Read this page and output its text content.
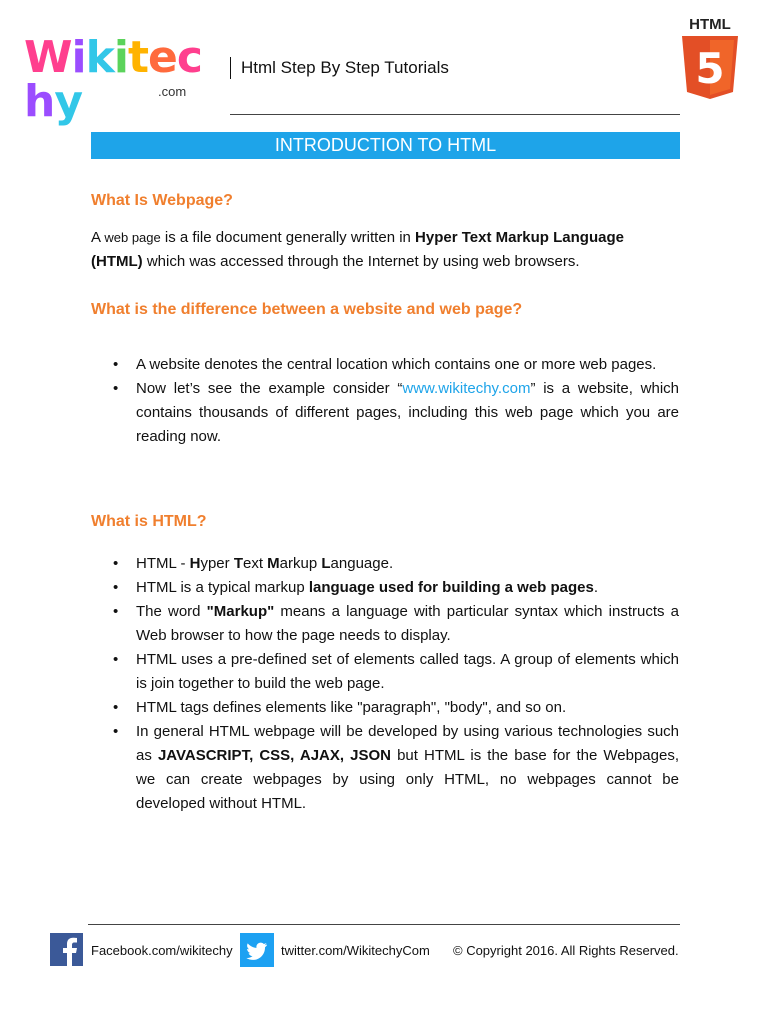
Wikitechy	.com
Html Step By Step Tutorials
HTML
5
INTRODUCTION TO HTML
What Is Webpage?
A web page is a file document generally written in Hyper Text Markup Language (HTML) which was accessed through the Internet by using web browsers.
What is the difference between a website and web page?
• A website denotes the central location which contains one or more web pages.
• Now let’s see the example consider “www.wikitechy.com” is a website, which contains thousands of different pages, including this web page which you are reading now.
What is HTML?
• HTML - Hyper Text Markup Language.
• HTML is a typical markup language used for building a web pages.
• The word "Markup" means a language with particular syntax which instructs a Web browser to how the page needs to display.
• HTML uses a pre-defined set of elements called tags. A group of elements which is join together to build the web page.
• HTML tags defines elements like "paragraph", "body", and so on.
• In general HTML webpage will be developed by using various technologies such as JAVASCRIPT, CSS, AJAX, JSON but HTML is the base for the Webpages, we can create webpages by using only HTML, no webpages cannot be developed without HTML.
Facebook.com/wikitechy	twitter.com/WikitechyCom © Copyright 2016. All Rights Reserved.
